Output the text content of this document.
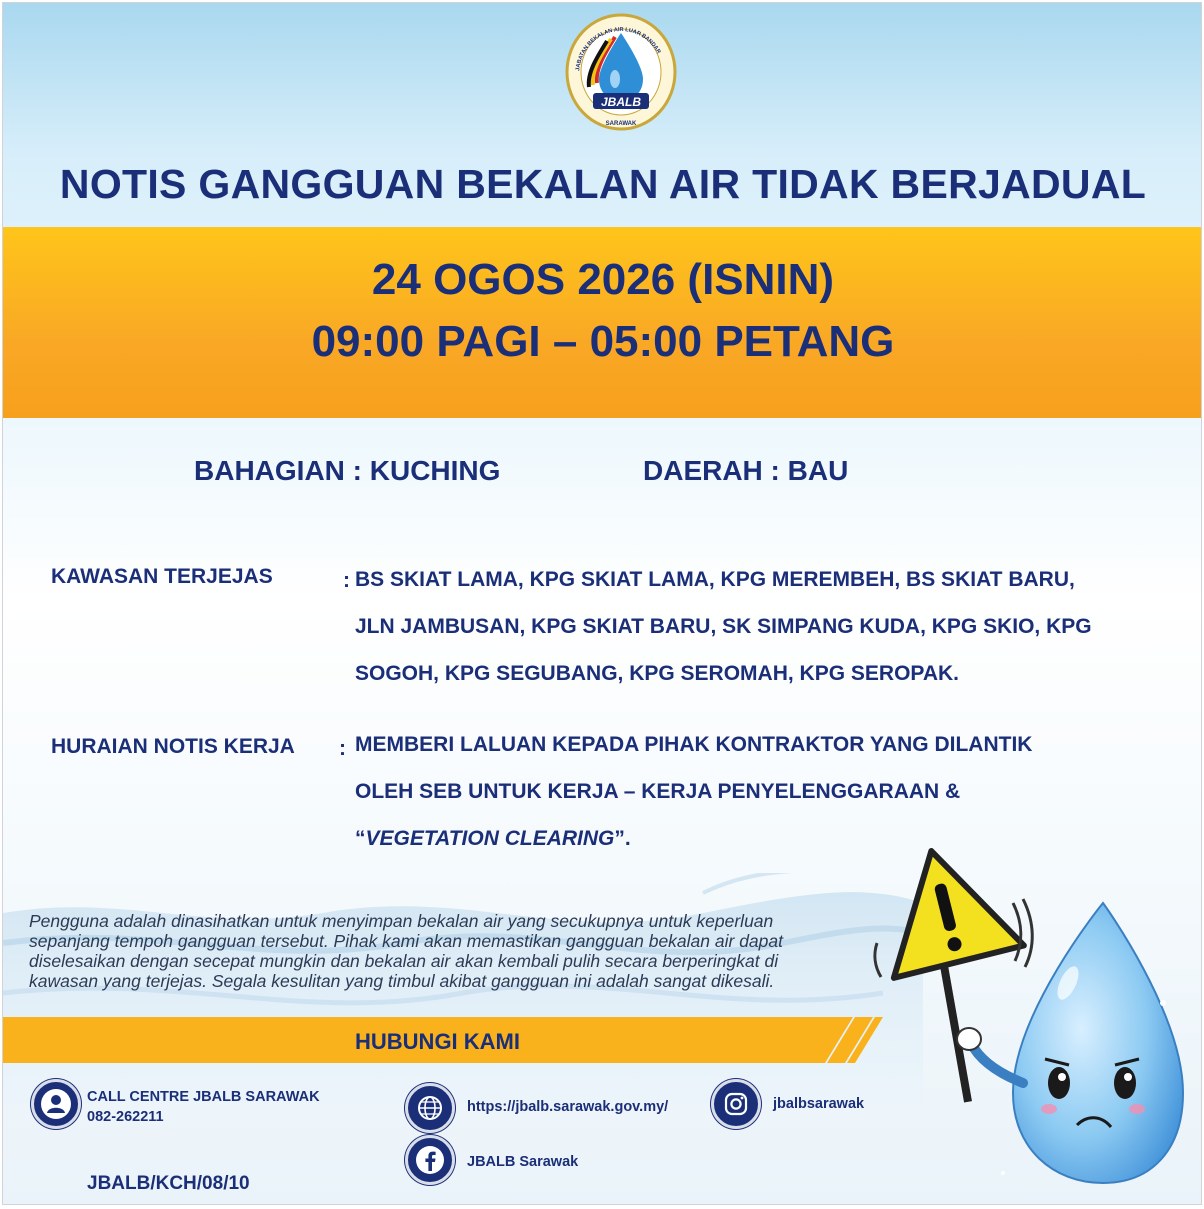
JBALB
SARAWAK
JABATAN BEKALAN AIR LUAR BANDAR
NOTIS GANGGUAN BEKALAN AIR TIDAK BERJADUAL
24 OGOS 2026 (ISNIN)
09:00 PAGI – 05:00 PETANG
BAHAGIAN : KUCHING	DAERAH : BAU
KAWASAN TERJEJAS	: BS SKIAT LAMA, KPG SKIAT LAMA, KPG MEREMBEH, BS SKIAT BARU,

JLN JAMBUSAN, KPG SKIAT BARU, SK SIMPANG KUDA, KPG SKIO, KPG

SOGOH, KPG SEGUBANG, KPG SEROMAH, KPG SEROPAK.

HURAIAN NOTIS KERJA : MEMBERI LALUAN KEPADA PIHAK KONTRAKTOR YANG DILANTIK

OLEH SEB UNTUK KERJA – KERJA PENYELENGGARAAN &

“VEGETATION CLEARING”.

Pengguna adalah dinasihatkan untuk menyimpan bekalan air yang secukupnya untuk keperluan

sepanjang tempoh gangguan tersebut. Pihak kami akan memastikan gangguan bekalan air dapat

diselesaikan dengan secepat mungkin dan bekalan air akan kembali pulih secara berperingkat di

kawasan yang terjejas. Segala kesulitan yang timbul akibat gangguan ini adalah sangat dikesali.

HUBUNGI KAMI
CALL CENTRE JBALB SARAWAK
082-262211
https://jbalb.sarawak.gov.my/
JBALB Sarawak
jbalbsarawak
JBALB/KCH/08/10
